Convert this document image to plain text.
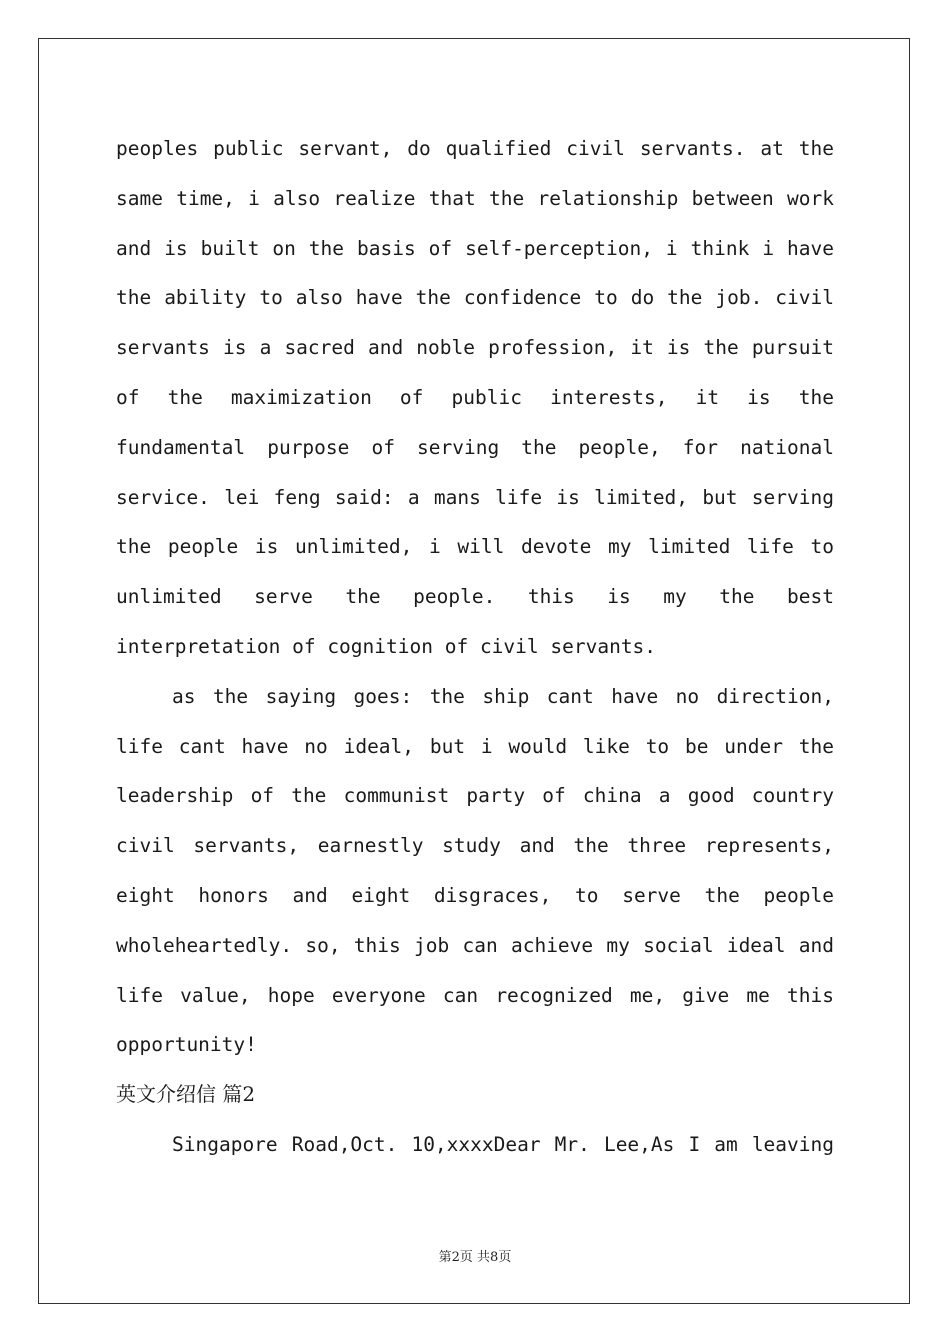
peoples public servant, do qualified civil servants. at the
same time, i also realize that the relationship between work
and is built on the basis of self-perception, i think i have
the ability to also have the confidence to do the job. civil
servants is a sacred and noble profession, it is the pursuit
of the maximization of public interests, it is the
fundamental purpose of serving the people, for national
service. lei feng said: a mans life is limited, but serving
the people is unlimited, i will devote my limited life to
unlimited serve the people. this is my the best
interpretation of cognition of civil servants.
as the saying goes: the ship cant have no direction,
life cant have no ideal, but i would like to be under the
leadership of the communist party of china a good country
civil servants, earnestly study and the three represents,
eight honors and eight disgraces, to serve the people
wholeheartedly. so, this job can achieve my social ideal and
life value, hope everyone can recognized me, give me this
opportunity!
英文介绍信 篇2
Singapore Road,Oct. 10,xxxxDear Mr. Lee,As I am leaving
第2页 共8页
